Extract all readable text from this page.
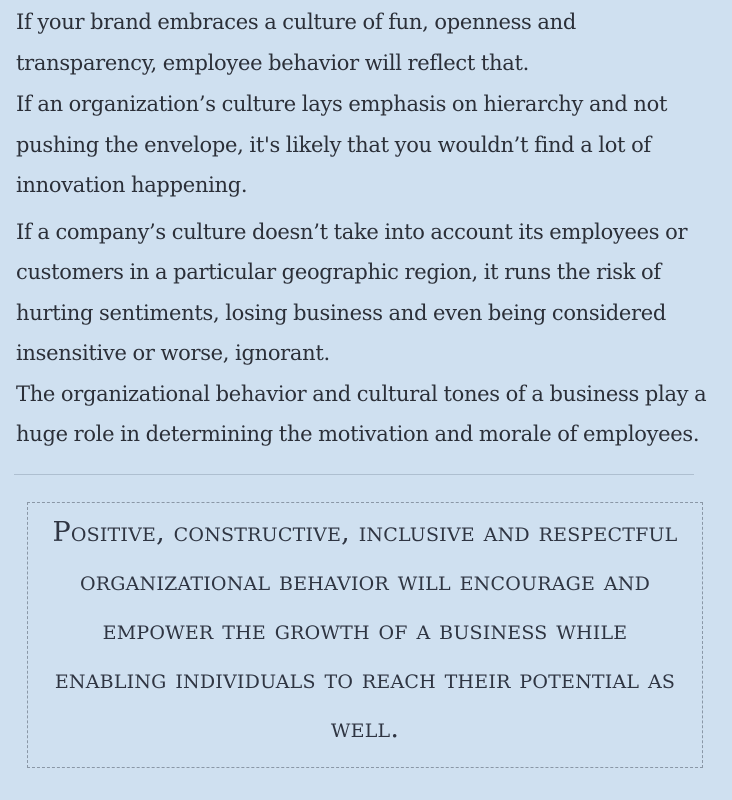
If your brand embraces a culture of fun, openness and transparency, employee behavior will reflect that.

If an organization’s culture lays emphasis on hierarchy and not pushing the envelope, it's likely that you wouldn’t find a lot of innovation happening.

If a company’s culture doesn’t take into account its employees or customers in a particular geographic region, it runs the risk of hurting sentiments, losing business and even being considered insensitive or worse, ignorant.

The organizational behavior and cultural tones of a business play a huge role in determining the motivation and morale of employees.

Positive, constructive, inclusive and respectful organizational behavior will encourage and empower the growth of a business while enabling individuals to reach their potential as well.
